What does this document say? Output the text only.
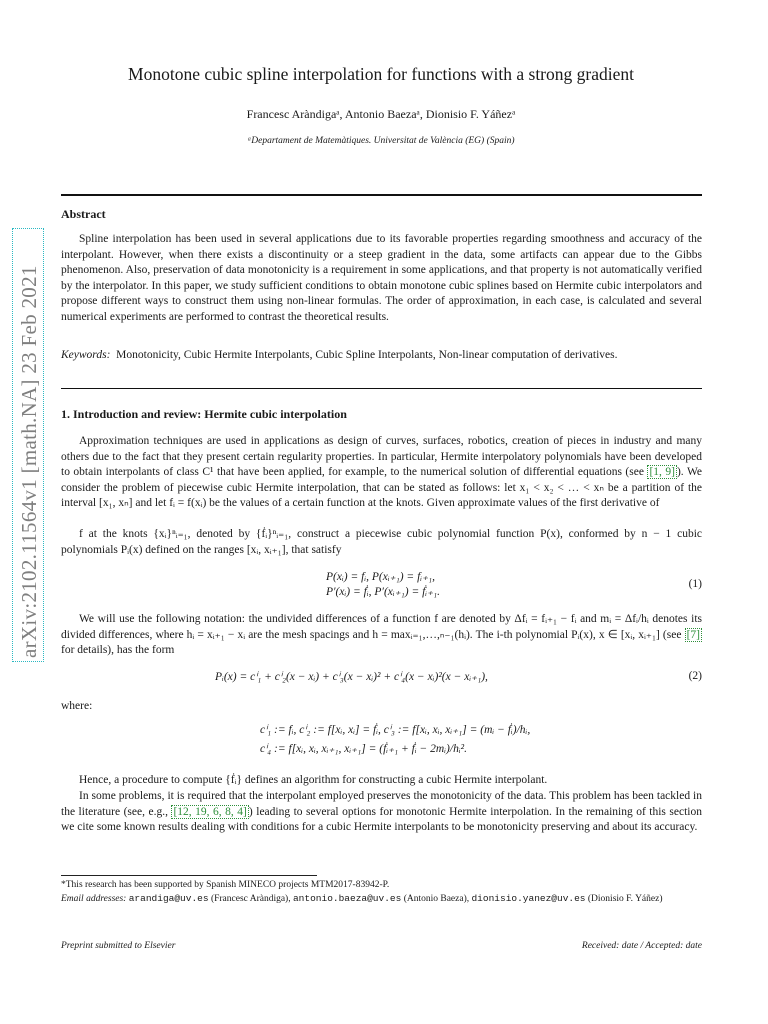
arXiv:2102.11564v1 [math.NA] 23 Feb 2021
Monotone cubic spline interpolation for functions with a strong gradient
Francesc Aràndigaᵃ, Antonio Baezaᵃ, Dionisio F. Yáñezᵃ
ᵃDepartament de Matemàtiques. Universitat de València (EG) (Spain)
Abstract
Spline interpolation has been used in several applications due to its favorable properties regarding smoothness and accuracy of the interpolant. However, when there exists a discontinuity or a steep gradient in the data, some artifacts can appear due to the Gibbs phenomenon. Also, preservation of data monotonicity is a requirement in some applications, and that property is not automatically verified by the interpolator. In this paper, we study sufficient conditions to obtain monotone cubic splines based on Hermite cubic interpolators and propose different ways to construct them using non-linear formulas. The order of approximation, in each case, is calculated and several numerical experiments are performed to contrast the theoretical results.
Keywords: Monotonicity, Cubic Hermite Interpolants, Cubic Spline Interpolants, Non-linear computation of derivatives.
1. Introduction and review: Hermite cubic interpolation
Approximation techniques are used in applications as design of curves, surfaces, robotics, creation of pieces in industry and many others due to the fact that they present certain regularity properties. In particular, Hermite interpolatory polynomials have been developed to obtain interpolants of class C¹ that have been applied, for example, to the numerical solution of differential equations (see [1, 9] ). We consider the problem of piecewise cubic Hermite interpolation, that can be stated as follows: let x₁ < x₂ < … < xₙ be a partition of the interval [x₁, xₙ] and let fᵢ = f(xᵢ) be the values of a certain function at the knots. Given approximate values of the first derivative of
f at the knots {xᵢ}ⁿᵢ₌₁, denoted by {ḟᵢ}ⁿᵢ₌₁, construct a piecewise cubic polynomial function P(x), conformed by n − 1 cubic polynomials Pᵢ(x) defined on the ranges [xᵢ, xᵢ₊₁], that satisfy
P(xᵢ) = fᵢ, P(xᵢ₊₁) = fᵢ₊₁,
P′(xᵢ) = ḟᵢ, P′(xᵢ₊₁) = ḟᵢ₊₁.
(1)
We will use the following notation: the undivided differences of a function f are denoted by Δfᵢ = fᵢ₊₁ − fᵢ and mᵢ = Δfᵢ/hᵢ denotes its divided differences, where hᵢ = xᵢ₊₁ − xᵢ are the mesh spacings and h = maxᵢ₌₁,…,ₙ₋₁(hᵢ). The i-th polynomial Pᵢ(x), x ∈ [xᵢ, xᵢ₊₁] (see [7] for details), has the form
Pᵢ(x) = cⁱ₁ + cⁱ₂(x − xᵢ) + cⁱ₃(x − xᵢ)² + cⁱ₄(x − xᵢ)²(x − xᵢ₊₁),	(2)
where:
cⁱ₁ := fᵢ, cⁱ₂ := f[xᵢ, xᵢ] = ḟᵢ, cⁱ₃ := f[xᵢ, xᵢ, xᵢ₊₁] = (mᵢ − ḟᵢ)/hᵢ,
cⁱ₄ := f[xᵢ, xᵢ, xᵢ₊₁, xᵢ₊₁] = (ḟᵢ₊₁ + ḟᵢ − 2mᵢ)/hᵢ².
Hence, a procedure to compute {ḟᵢ} defines an algorithm for constructing a cubic Hermite interpolant.
In some problems, it is required that the interpolant employed preserves the monotonicity of the data. This problem has been tackled in the literature (see, e.g., [12, 19, 6, 8, 4] ) leading to several options for monotonic Hermite interpolation. In the remaining of this section we cite some known results dealing with conditions for a cubic Hermite interpolants to be monotonicity preserving and about its accuracy.
*This research has been supported by Spanish MINECO projects MTM2017-83942-P.
Email addresses: arandiga@uv.es (Francesc Aràndiga), antonio.baeza@uv.es (Antonio Baeza), dionisio.yanez@uv.es (Dionisio F. Yáñez)
Preprint submitted to Elsevier	Received: date / Accepted: date
